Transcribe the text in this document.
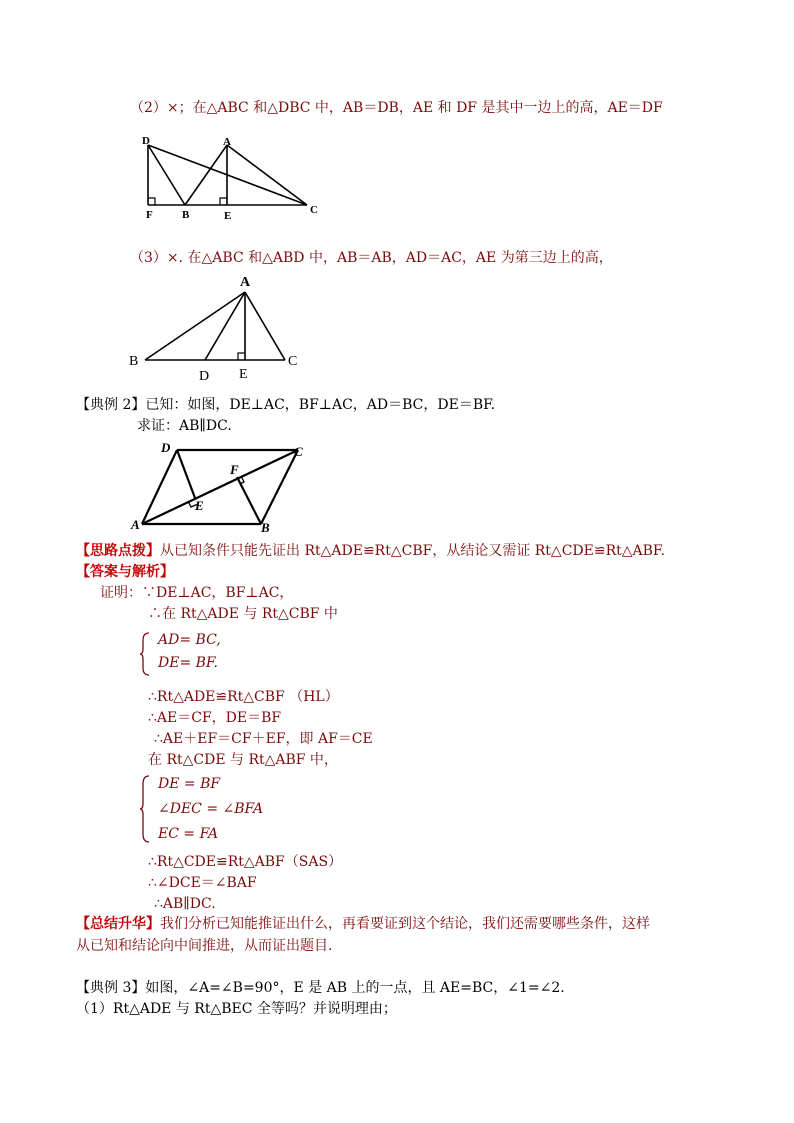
（2）×；在△ABC 和△DBC 中，AB＝DB，AE 和 DF 是其中一边上的高，AE＝DF
D	A
F	B	E	C
（3）×. 在△ABC 和△ABD 中，AB＝AB，AD＝AC，AE 为第三边上的高，
A
B
D E
C
【典例 2】已知：如图，DE⊥AC，BF⊥AC，AD＝BC，DE＝BF.
求证：AB∥DC.
D	C
F
E
A	B
【思路点拨】从已知条件只能先证出 Rt△ADE≌Rt△CBF，从结论又需证 Rt△CDE≌Rt△ABF.
【答案与解析】
证明：∵DE⊥AC，BF⊥AC，
∴在 Rt△ADE 与 Rt△CBF 中
AD= BC,
DE= BF.
∴Rt△ADE≌Rt△CBF （HL）
∴AE＝CF，DE＝BF
∴AE＋EF＝CF＋EF，即 AF＝CE
在 Rt△CDE 与 Rt△ABF 中，
DE = BF
∠DEC = ∠BFA
EC = FA
∴Rt△CDE≌Rt△ABF（SAS）
∴∠DCE＝∠BAF
∴AB∥DC.
【总结升华】我们分析已知能推证出什么，再看要证到这个结论，我们还需要哪些条件，这样
从已知和结论向中间推进，从而证出题目.
【典例 3】如图，∠A=∠B=90°，E 是 AB 上的一点，且 AE=BC，∠1=∠2.
（1）Rt△ADE 与 Rt△BEC 全等吗？并说明理由；
